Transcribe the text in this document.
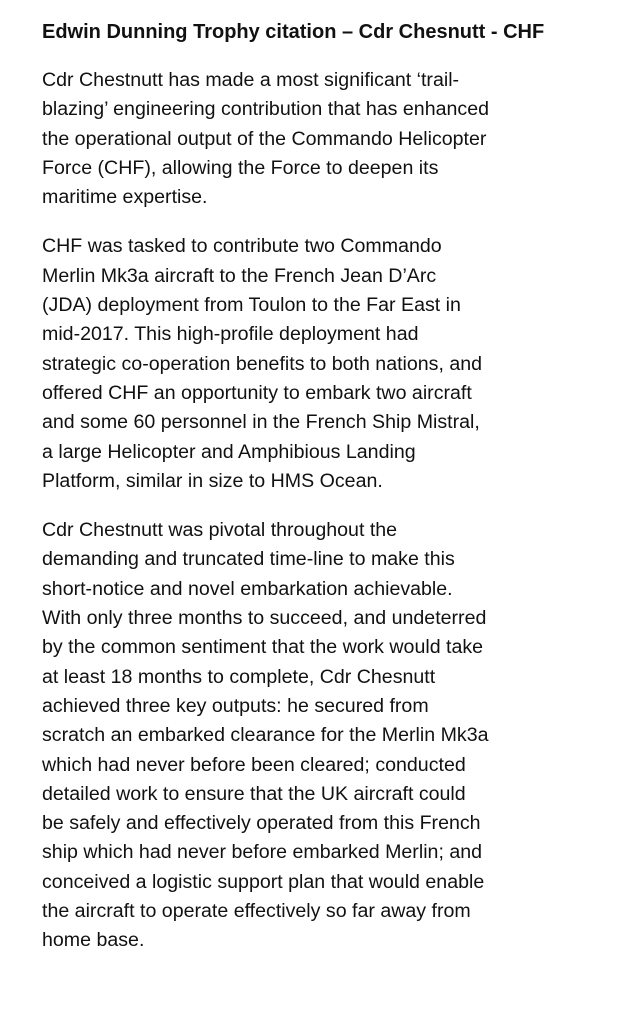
Edwin Dunning Trophy citation – Cdr Chesnutt - CHF

Cdr Chestnutt has made a most significant ‘trail-
blazing’ engineering contribution that has enhanced
the operational output of the Commando Helicopter
Force (CHF), allowing the Force to deepen its
maritime expertise.

CHF was tasked to contribute two Commando
Merlin Mk3a aircraft to the French Jean D’Arc
(JDA) deployment from Toulon to the Far East in
mid-2017. This high-profile deployment had
strategic co-operation benefits to both nations, and
offered CHF an opportunity to embark two aircraft
and some 60 personnel in the French Ship Mistral,
a large Helicopter and Amphibious Landing
Platform, similar in size to HMS Ocean.

Cdr Chestnutt was pivotal throughout the
demanding and truncated time-line to make this
short-notice and novel embarkation achievable.
With only three months to succeed, and undeterred
by the common sentiment that the work would take
at least 18 months to complete, Cdr Chesnutt
achieved three key outputs: he secured from
scratch an embarked clearance for the Merlin Mk3a
which had never before been cleared; conducted
detailed work to ensure that the UK aircraft could
be safely and effectively operated from this French
ship which had never before embarked Merlin; and
conceived a logistic support plan that would enable
the aircraft to operate effectively so far away from
home base.
